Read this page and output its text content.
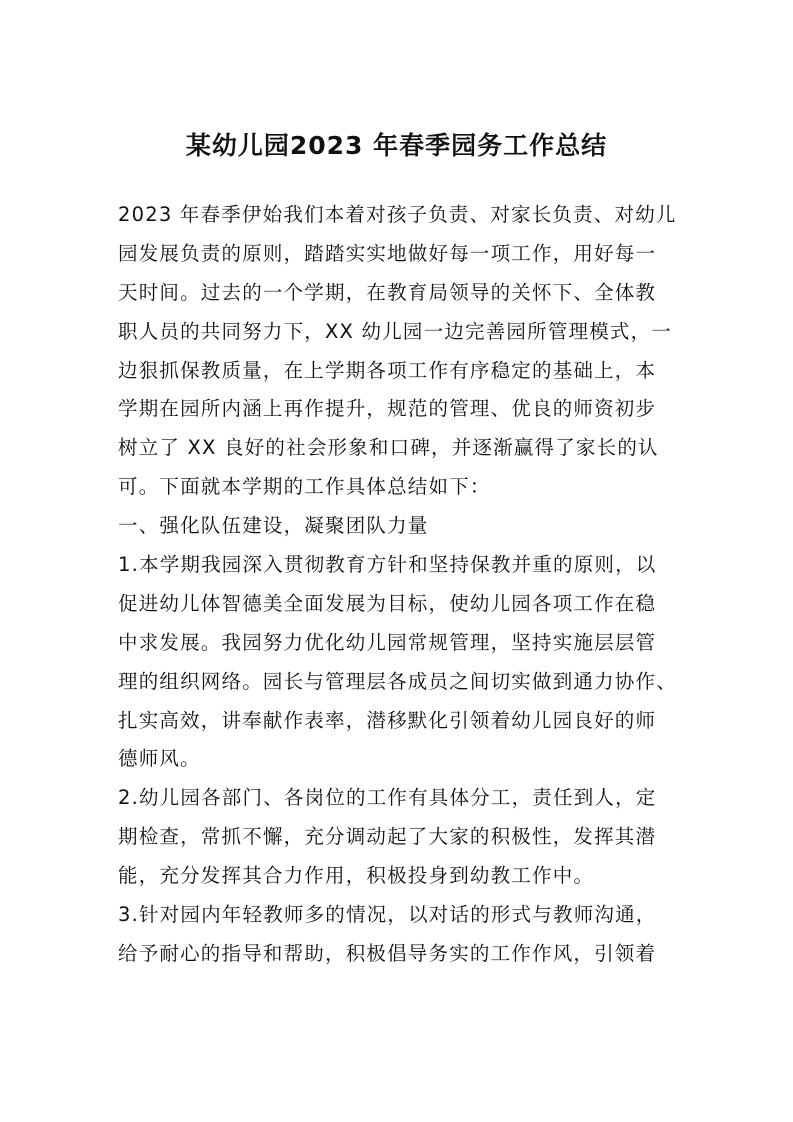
某幼儿园2023 年春季园务工作总结
2023 年春季伊始我们本着对孩子负责、对家长负责、对幼儿
园发展负责的原则，踏踏实实地做好每一项工作，用好每一
天时间。过去的一个学期，在教育局领导的关怀下、全体教
职人员的共同努力下，XX 幼儿园一边完善园所管理模式，一
边狠抓保教质量，在上学期各项工作有序稳定的基础上，本
学期在园所内涵上再作提升，规范的管理、优良的师资初步
树立了 XX 良好的社会形象和口碑，并逐渐赢得了家长的认
可。下面就本学期的工作具体总结如下：
一、强化队伍建设，凝聚团队力量
1.本学期我园深入贯彻教育方针和坚持保教并重的原则，以
促进幼儿体智德美全面发展为目标，使幼儿园各项工作在稳
中求发展。我园努力优化幼儿园常规管理，坚持实施层层管
理的组织网络。园长与管理层各成员之间切实做到通力协作、
扎实高效，讲奉献作表率，潜移默化引领着幼儿园良好的师
德师风。
2.幼儿园各部门、各岗位的工作有具体分工，责任到人，定
期检查，常抓不懈，充分调动起了大家的积极性，发挥其潜
能，充分发挥其合力作用，积极投身到幼教工作中。
3.针对园内年轻教师多的情况，以对话的形式与教师沟通，
给予耐心的指导和帮助，积极倡导务实的工作作风，引领着
